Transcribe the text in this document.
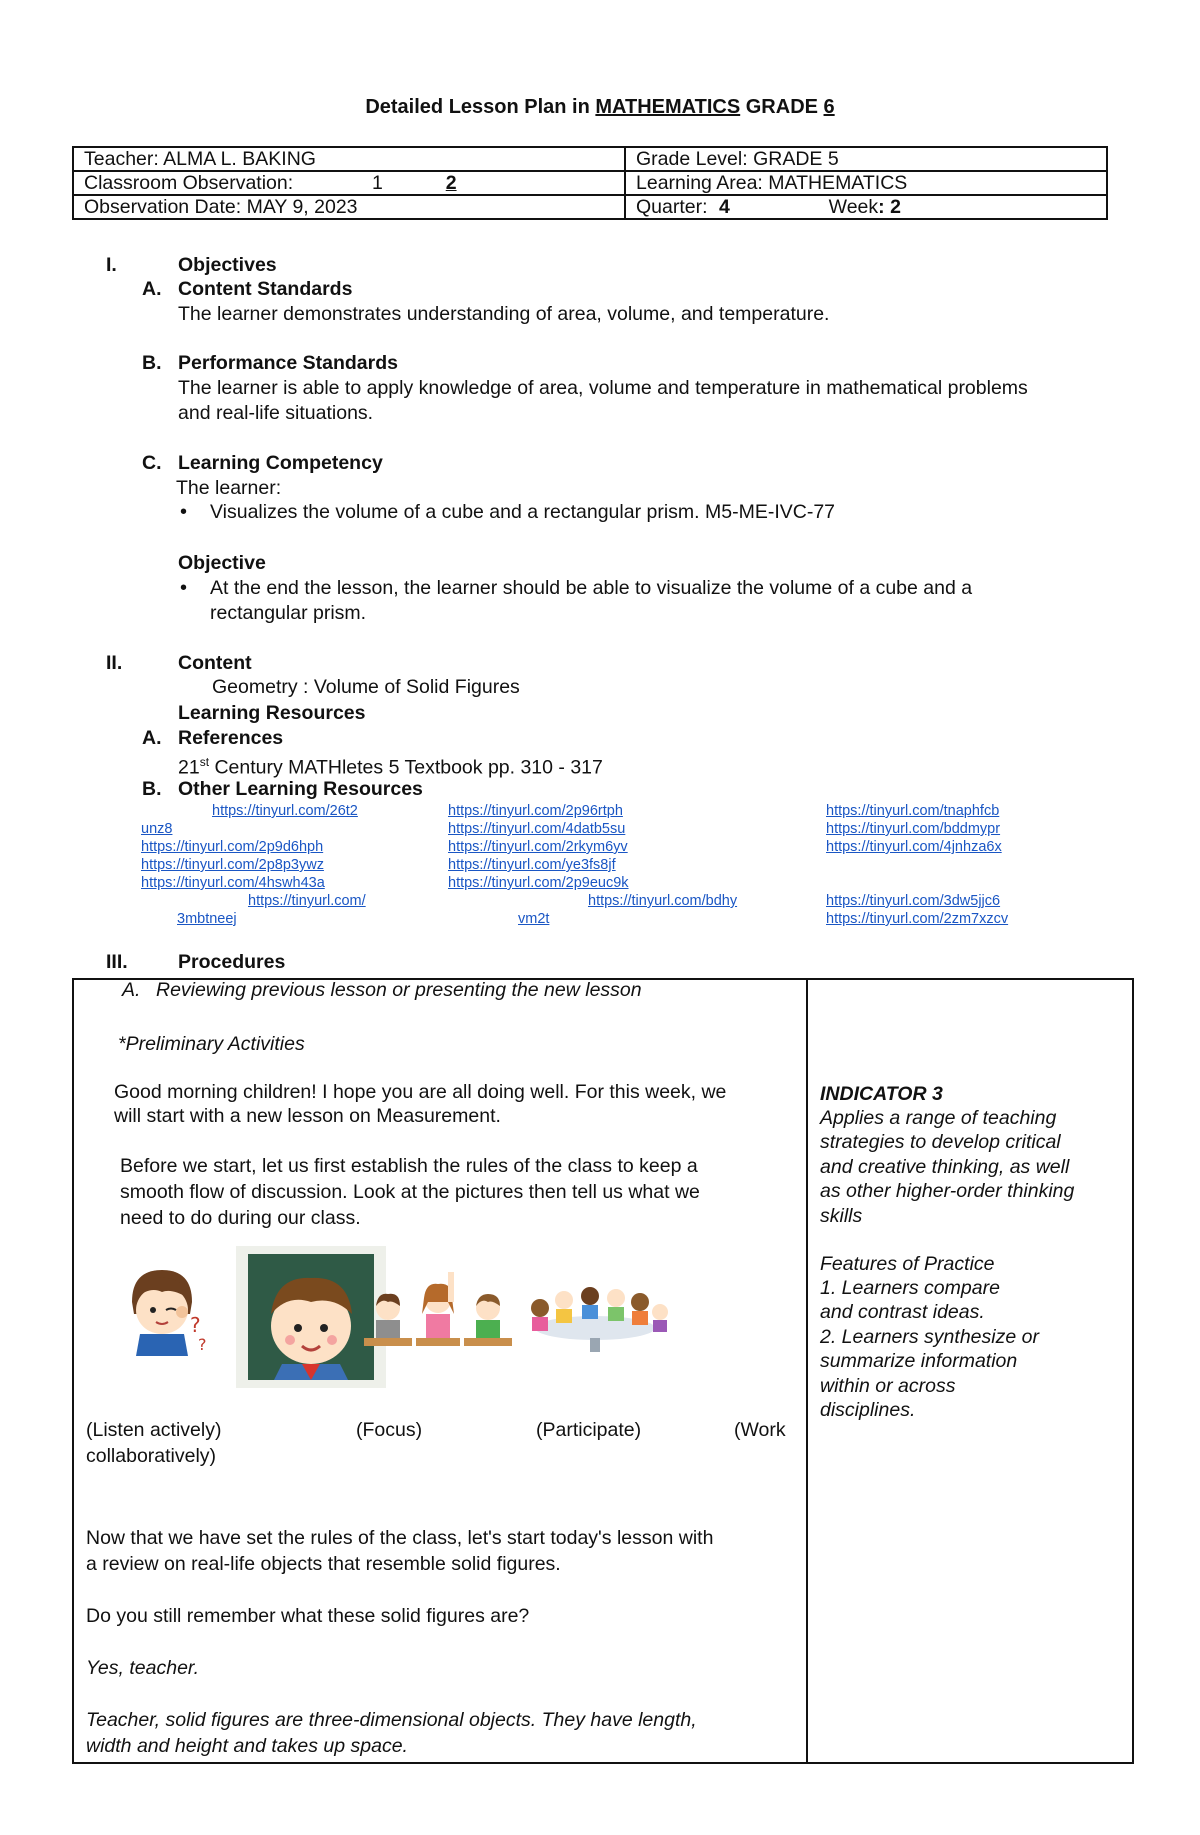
Detailed Lesson Plan in MATHEMATICS GRADE 6
Teacher: ALMA L. BAKING	Grade Level: GRADE 5
Classroom Observation: 1 2	Learning Area: MATHEMATICS
Observation Date: MAY 9, 2023	Quarter: 4 Week: 2
I.	Objectives
A. Content Standards
The learner demonstrates understanding of area, volume, and temperature.
B. Performance Standards
The learner is able to apply knowledge of area, volume and temperature in mathematical problems
and real-life situations.
C. Learning Competency
The learner:
• Visualizes the volume of a cube and a rectangular prism. M5-ME-IVC-77
Objective
• At the end the lesson, the learner should be able to visualize the volume of a cube and a
rectangular prism.
II.	Content
Geometry : Volume of Solid Figures
Learning Resources
A. References
21st Century MATHletes 5 Textbook pp. 310 - 317
B. Other Learning Resources
https://tinyurl.com/26t2
unz8
https://tinyurl.com/2p9d6hph
https://tinyurl.com/2p8p3ywz
https://tinyurl.com/4hswh43a
https://tinyurl.com/
3mbtneej
https://tinyurl.com/2p96rtph
https://tinyurl.com/4datb5su
https://tinyurl.com/2rkym6yv
https://tinyurl.com/ye3fs8jf
https://tinyurl.com/2p9euc9k
https://tinyurl.com/bdhy
vm2t
https://tinyurl.com/tnaphfcb
https://tinyurl.com/bddmypr
https://tinyurl.com/4jnhza6x
https://tinyurl.com/3dw5jjc6
https://tinyurl.com/2zm7xzcv
III.	Procedures
A. Reviewing previous lesson or presenting the new lesson
*Preliminary Activities
Good morning children! I hope you are all doing well. For this week, we
will start with a new lesson on Measurement.
Before we start, let us first establish the rules of the class to keep a
smooth flow of discussion. Look at the pictures then tell us what we
need to do during our class.
?
?
(Listen actively)	(Focus)	(Participate)	(Work
collaboratively)
Now that we have set the rules of the class, let's start today's lesson with
a review on real-life objects that resemble solid figures.
Do you still remember what these solid figures are?
Yes, teacher.
Teacher, solid figures are three-dimensional objects. They have length,
width and height and takes up space.
INDICATOR 3
Applies a range of teaching
strategies to develop critical
and creative thinking, as well
as other higher-order thinking
skills
Features of Practice
1. Learners compare
and contrast ideas.
2. Learners synthesize or
summarize information
within or across
disciplines.
